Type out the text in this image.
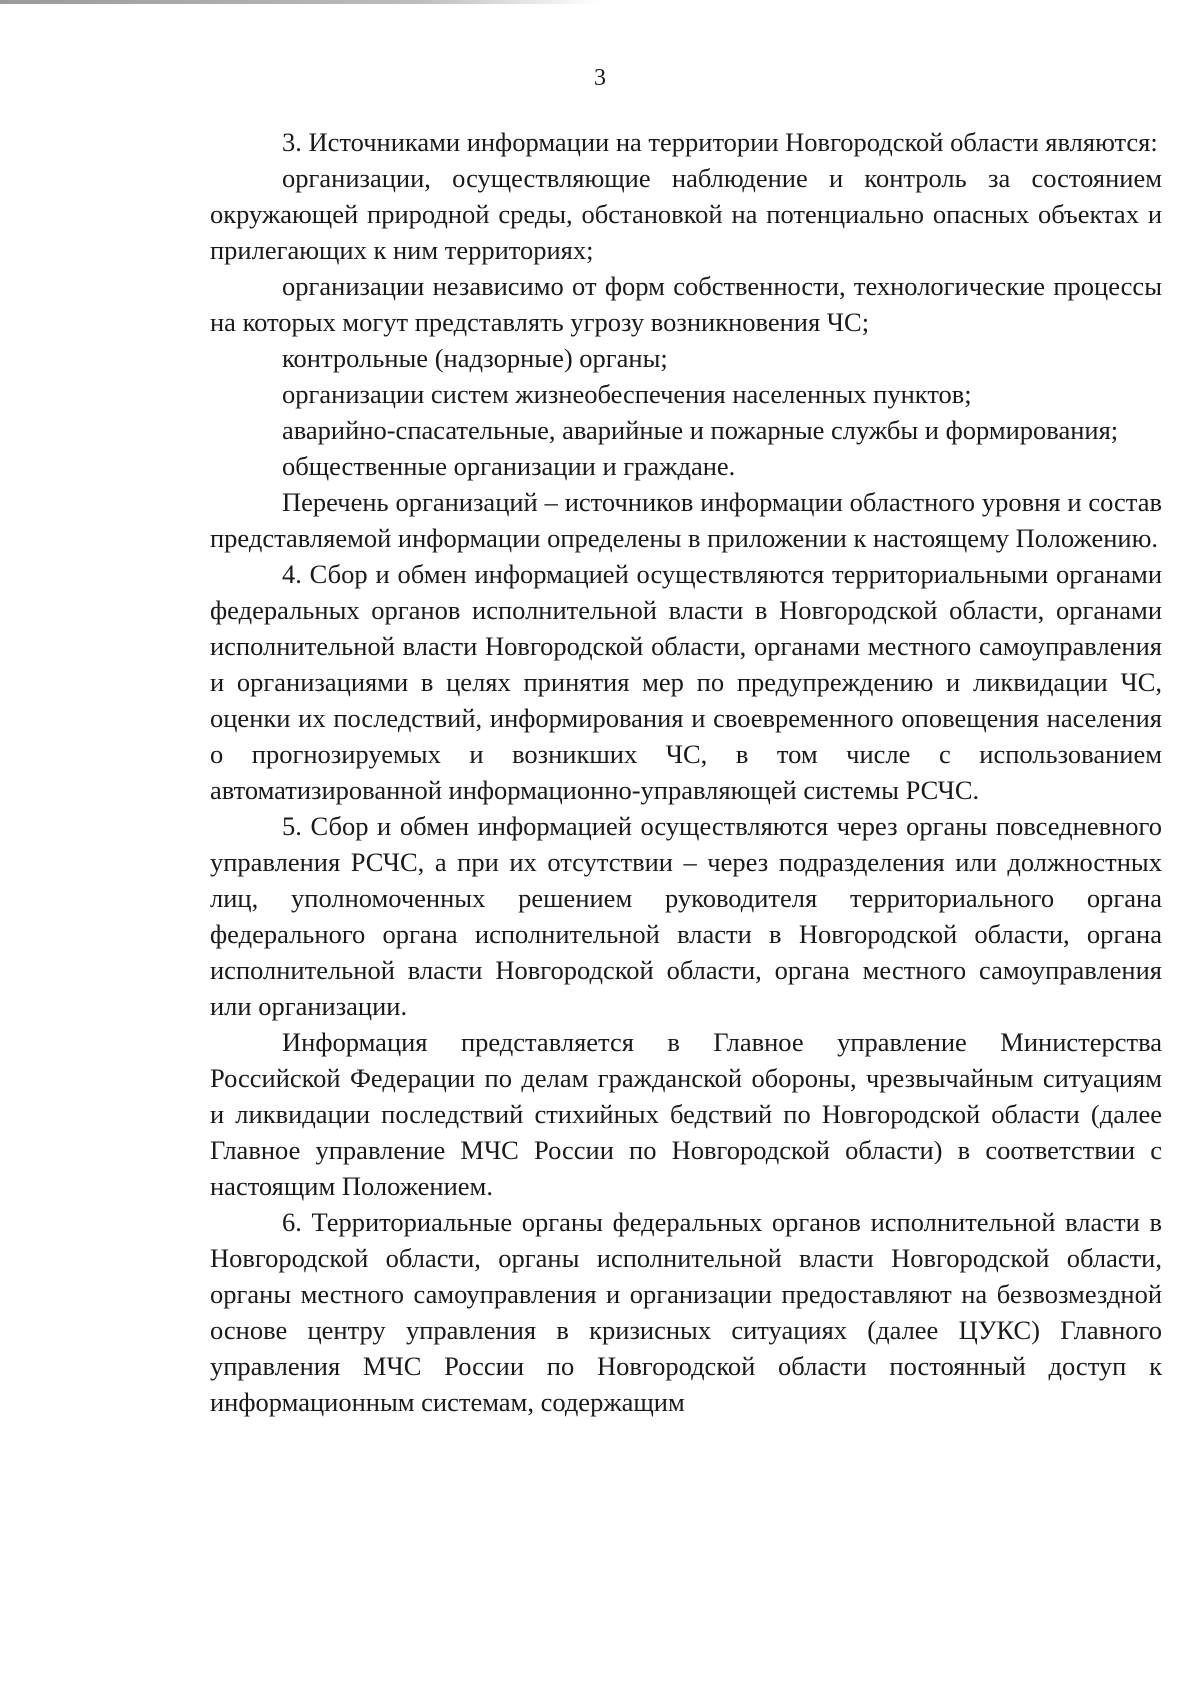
3

3. Источниками информации на территории Новгородской области являются:

организации, осуществляющие наблюдение и контроль за состоянием окружающей природной среды, обстановкой на потенциально опасных объектах и прилегающих к ним территориях;

организации независимо от форм собственности, технологические процессы на которых могут представлять угрозу возникновения ЧС;

контрольные (надзорные) органы;

организации систем жизнеобеспечения населенных пунктов;

аварийно-спасательные, аварийные и пожарные службы и формирования;

общественные организации и граждане.

Перечень организаций – источников информации областного уровня и состав представляемой информации определены в приложении к настоящему Положению.

4. Сбор и обмен информацией осуществляются территориальными органами федеральных органов исполнительной власти в Новгородской области, органами исполнительной власти Новгородской области, органами местного самоуправления и организациями в целях принятия мер по предупреждению и ликвидации ЧС, оценки их последствий, информирования и своевременного оповещения населения о прогнозируемых и возникших ЧС, в том числе с использованием автоматизированной информационно-управляющей системы РСЧС.

5. Сбор и обмен информацией осуществляются через органы повседневного управления РСЧС, а при их отсутствии – через подразделения или должностных лиц, уполномоченных решением руководителя территориального органа федерального органа исполнительной власти в Новгородской области, органа исполнительной власти Новгородской области, органа местного самоуправления или организации.

Информация представляется в Главное управление Министерства Российской Федерации по делам гражданской обороны, чрезвычайным ситуациям и ликвидации последствий стихийных бедствий по Новгородской области (далее Главное управление МЧС России по Новгородской области) в соответствии с настоящим Положением.

6. Территориальные органы федеральных органов исполнительной власти в Новгородской области, органы исполнительной власти Новгородской области, органы местного самоуправления и организации предоставляют на безвозмездной основе центру управления в кризисных ситуациях (далее ЦУКС) Главного управления МЧС России по Новгородской области постоянный доступ к информационным системам, содержащим
